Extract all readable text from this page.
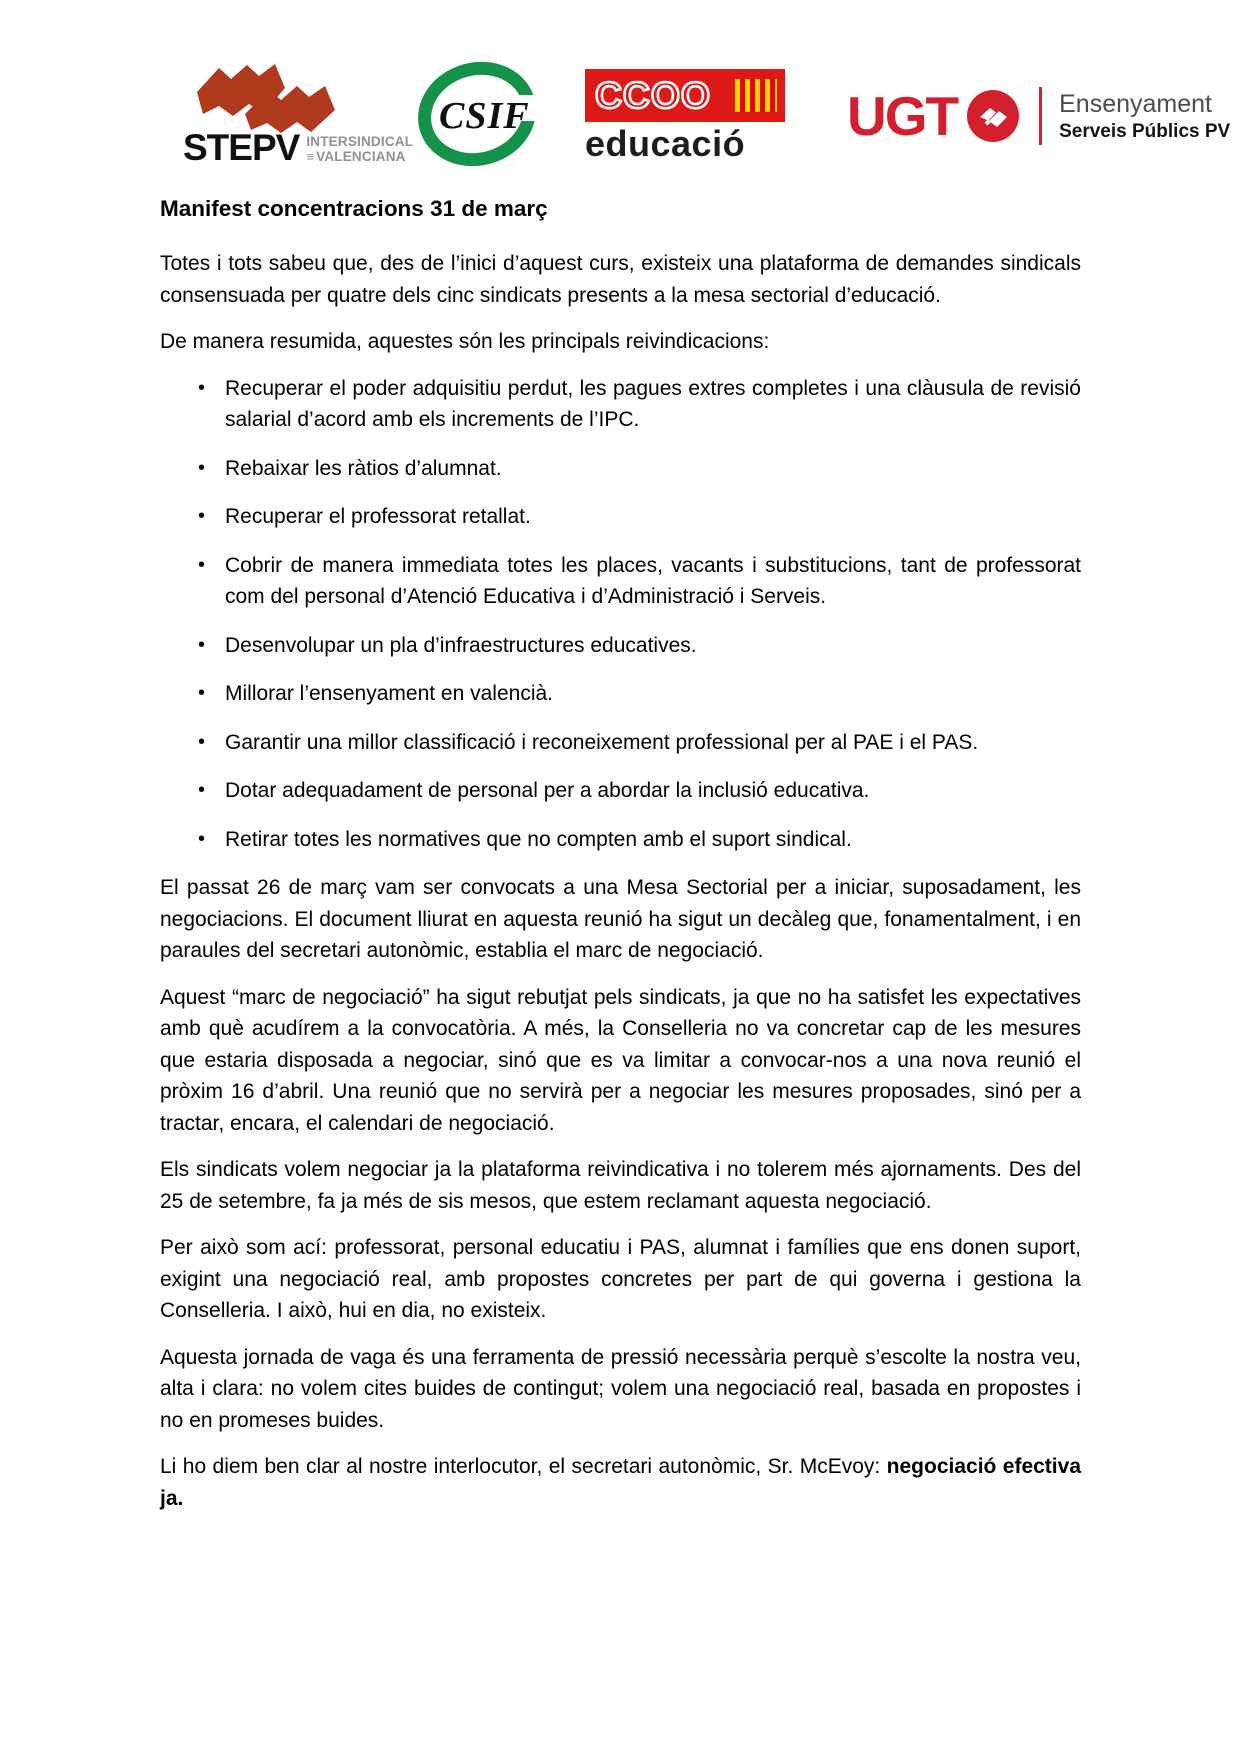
STEPV INTERSINDICAL
≡ VALENCIANA
CSIF
CCOO
educació UGT	Ensenyament
Serveis Públics PV
Manifest concentracions 31 de març

Totes i tots sabeu que, des de l’inici d’aquest curs, existeix una plataforma de demandes sindicals consensuada per quatre dels cinc sindicats presents a la mesa sectorial d’educació.

De manera resumida, aquestes són les principals reivindicacions:

• Recuperar el poder adquisitiu perdut, les pagues extres completes i una clàusula de revisió salarial d’acord amb els increments de l’IPC.
• Rebaixar les ràtios d’alumnat.
• Recuperar el professorat retallat.
• Cobrir de manera immediata totes les places, vacants i substitucions, tant de professorat com del personal d’Atenció Educativa i d’Administració i Serveis.
• Desenvolupar un pla d’infraestructures educatives.
• Millorar l’ensenyament en valencià.
• Garantir una millor classificació i reconeixement professional per al PAE i el PAS.
• Dotar adequadament de personal per a abordar la inclusió educativa.
• Retirar totes les normatives que no compten amb el suport sindical.

El passat 26 de març vam ser convocats a una Mesa Sectorial per a iniciar, suposadament, les negociacions. El document lliurat en aquesta reunió ha sigut un decàleg que, fonamentalment, i en paraules del secretari autonòmic, establia el marc de negociació.

Aquest “marc de negociació” ha sigut rebutjat pels sindicats, ja que no ha satisfet les expectatives amb què acudírem a la convocatòria. A més, la Conselleria no va concretar cap de les mesures que estaria disposada a negociar, sinó que es va limitar a convocar-nos a una nova reunió el pròxim 16 d’abril. Una reunió que no servirà per a negociar les mesures proposades, sinó per a tractar, encara, el calendari de negociació.

Els sindicats volem negociar ja la plataforma reivindicativa i no tolerem més ajornaments. Des del 25 de setembre, fa ja més de sis mesos, que estem reclamant aquesta negociació.

Per això som ací: professorat, personal educatiu i PAS, alumnat i famílies que ens donen suport, exigint una negociació real, amb propostes concretes per part de qui governa i gestiona la Conselleria. I això, hui en dia, no existeix.

Aquesta jornada de vaga és una ferramenta de pressió necessària perquè s’escolte la nostra veu, alta i clara: no volem cites buides de contingut; volem una negociació real, basada en propostes i no en promeses buides.

Li ho diem ben clar al nostre interlocutor, el secretari autonòmic, Sr. McEvoy: negociació efectiva ja.
